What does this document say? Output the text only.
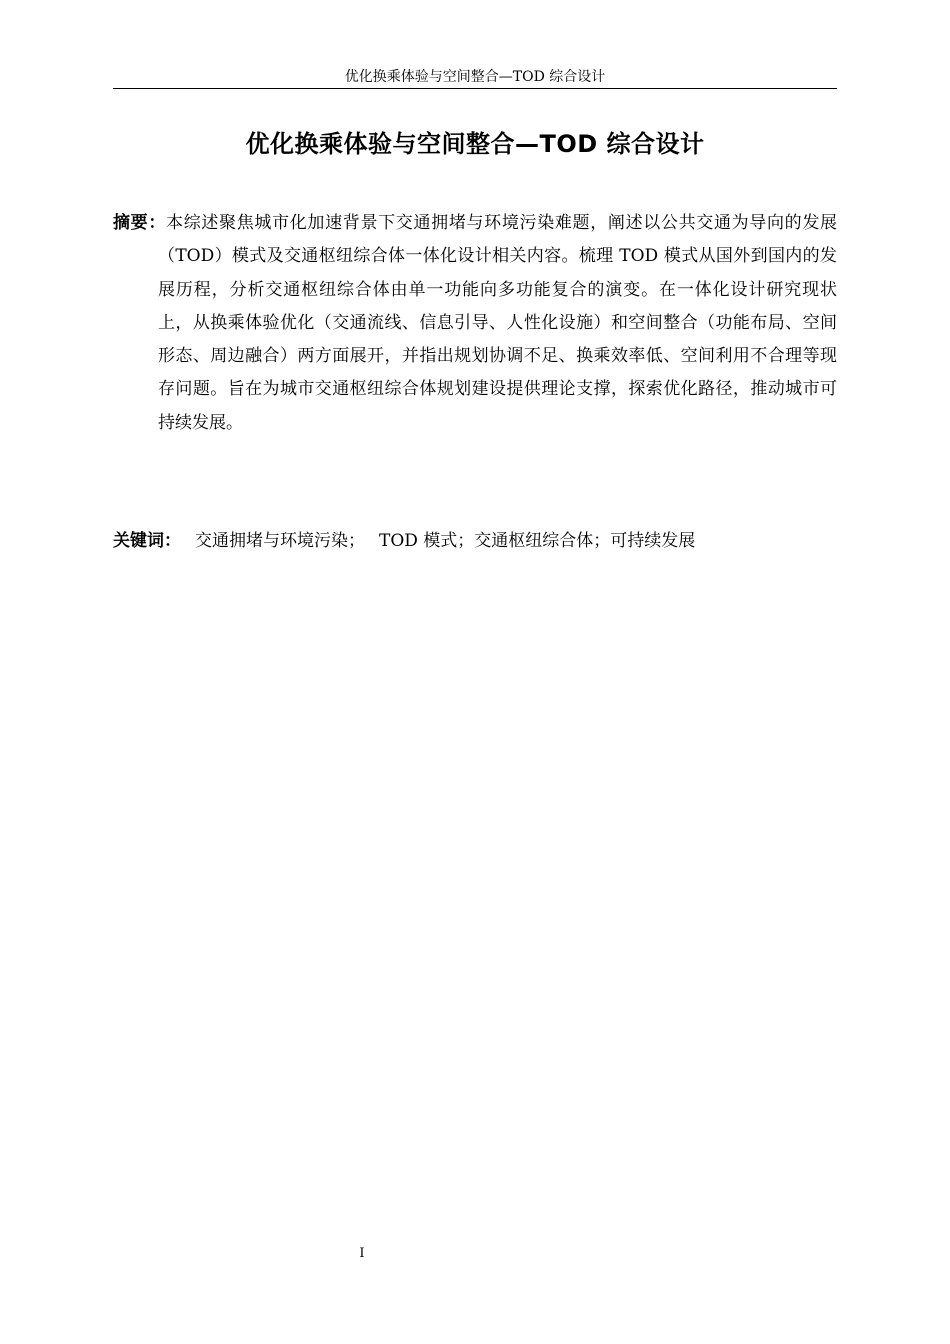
优化换乘体验与空间整合—TOD 综合设计
优化换乘体验与空间整合—TOD 综合设计
摘要：本综述聚焦城市化加速背景下交通拥堵与环境污染难题，阐述以公共交通为导向的发展（TOD）模式及交通枢纽综合体一体化设计相关内容。梳理 TOD 模式从国外到国内的发展历程，分析交通枢纽综合体由单一功能向多功能复合的演变。在一体化设计研究现状上，从换乘体验优化（交通流线、信息引导、人性化设施）和空间整合（功能布局、空间形态、周边融合）两方面展开，并指出规划协调不足、换乘效率低、空间利用不合理等现存问题。旨在为城市交通枢纽综合体规划建设提供理论支撑，探索优化路径，推动城市可持续发展。
关键词： 交通拥堵与环境污染； TOD 模式；交通枢纽综合体；可持续发展
I
